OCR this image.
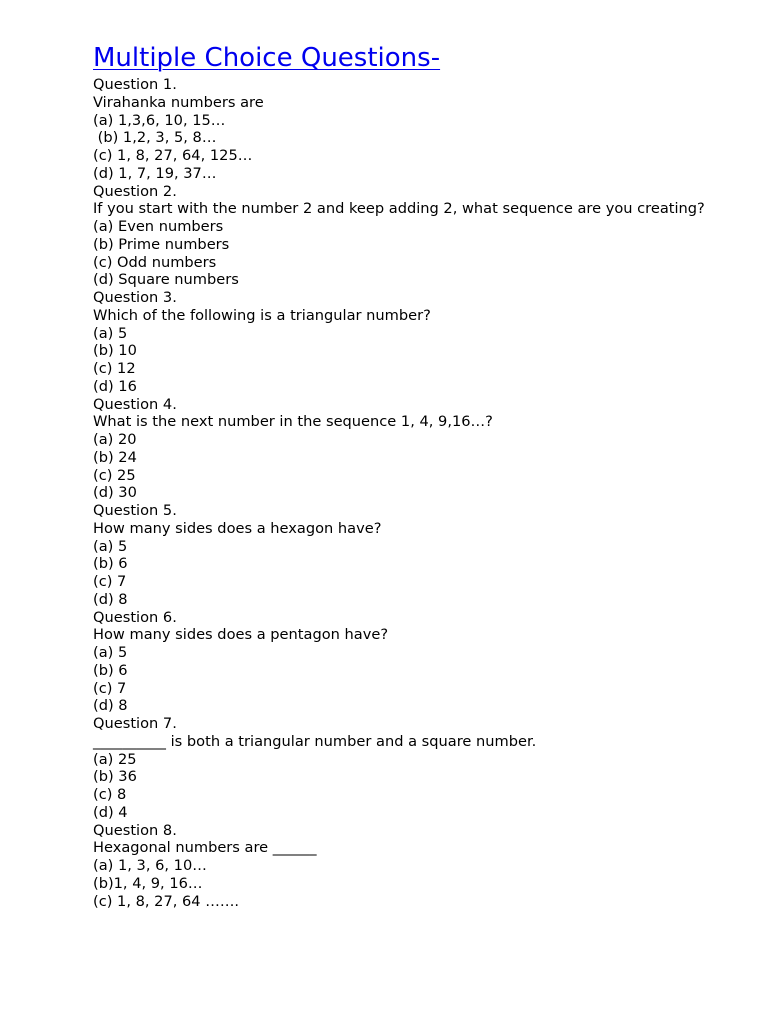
Multiple Choice Questions-
Question 1.
Virahanka numbers are
(a) 1,3,6, 10, 15…
(b) 1,2, 3, 5, 8…
(c) 1, 8, 27, 64, 125…
(d) 1, 7, 19, 37…
Question 2.
If you start with the number 2 and keep adding 2, what sequence are you creating?
(a) Even numbers
(b) Prime numbers
(c) Odd numbers
(d) Square numbers
Question 3.
Which of the following is a triangular number?
(a) 5
(b) 10
(c) 12
(d) 16
Question 4.
What is the next number in the sequence 1, 4, 9,16…?
(a) 20
(b) 24
(c) 25
(d) 30
Question 5.
How many sides does a hexagon have?
(a) 5
(b) 6
(c) 7
(d) 8
Question 6.
How many sides does a pentagon have?
(a) 5
(b) 6
(c) 7
(d) 8
Question 7.
__________ is both a triangular number and a square number.
(a) 25
(b) 36
(c) 8
(d) 4
Question 8.
Hexagonal numbers are ______
(a) 1, 3, 6, 10…
(b)1, 4, 9, 16…
(c) 1, 8, 27, 64 …….
